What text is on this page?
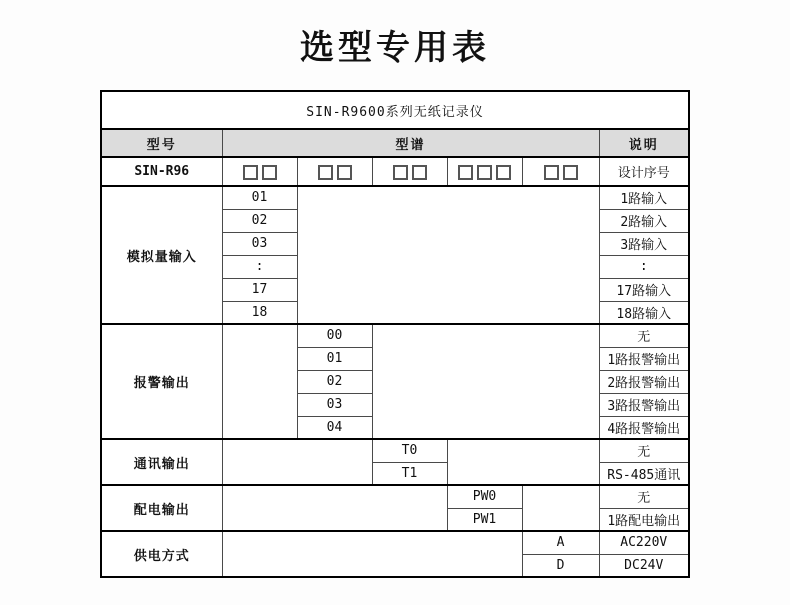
选型专用表
SIN-R9600系列无纸记录仪						
型号	型谱					说明
SIN-R96						设计序号
模拟量输入	01					1路输入
	02					2路输入
	03					3路输入
	:					:
	17					17路输入
	18					18路输入
报警输出		00				无
		01				1路报警输出
		02				2路报警输出
		03				3路报警输出
		04				4路报警输出
通讯输出			T0			无
			T1			RS-485通讯
配电输出				PW0		无
				PW1		1路配电输出
供电方式					A	AC220V
					D	DC24V
